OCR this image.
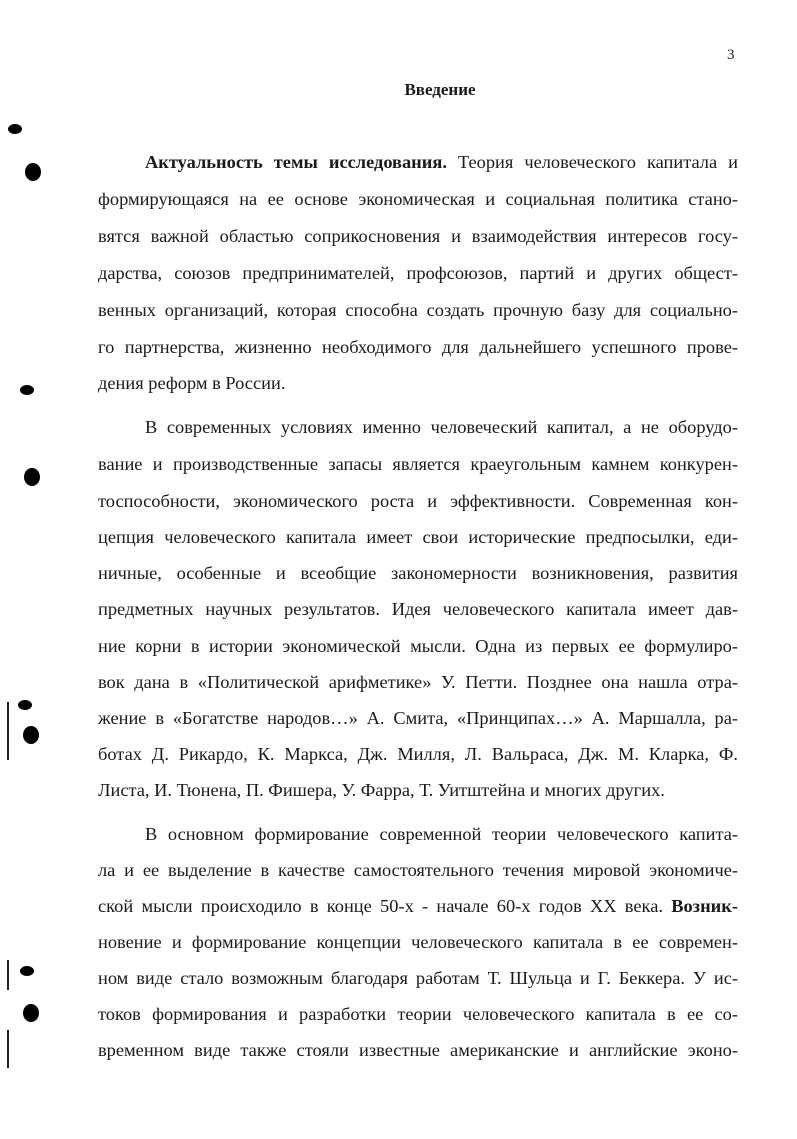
3
Введение
Актуальность темы исследования. Теория человеческого капитала и
формирующаяся на ее основе экономическая и социальная политика стано-
вятся важной областью соприкосновения и взаимодействия интересов госу-
дарства, союзов предпринимателей, профсоюзов, партий и других общест-
венных организаций, которая способна создать прочную базу для социально-
го партнерства, жизненно необходимого для дальнейшего успешного прове-
дения реформ в России.
В современных условиях именно человеческий капитал, а не оборудо-
вание и производственные запасы является краеугольным камнем конкурен-
тоспособности, экономического роста и эффективности. Современная кон-
цепция человеческого капитала имеет свои исторические предпосылки, еди-
ничные, особенные и всеобщие закономерности возникновения, развития
предметных научных результатов. Идея человеческого капитала имеет дав-
ние корни в истории экономической мысли. Одна из первых ее формулиро-
вок дана в «Политической арифметике» У. Петти. Позднее она нашла отра-
жение в «Богатстве народов…» А. Смита, «Принципах…» А. Маршалла, ра-
ботах Д. Рикардо, К. Маркса, Дж. Милля, Л. Вальраса, Дж. М. Кларка, Ф.
Листа, И. Тюнена, П. Фишера, У. Фарра, Т. Уитштейна и многих других.
В основном формирование современной теории человеческого капита-
ла и ее выделение в качестве самостоятельного течения мировой экономиче-
ской мысли происходило в конце 50-х - начале 60-х годов XX века. Возник-
новение и формирование концепции человеческого капитала в ее современ-
ном виде стало возможным благодаря работам Т. Шульца и Г. Беккера. У ис-
токов формирования и разработки теории человеческого капитала в ее со-
временном виде также стояли известные американские и английские эконо-
